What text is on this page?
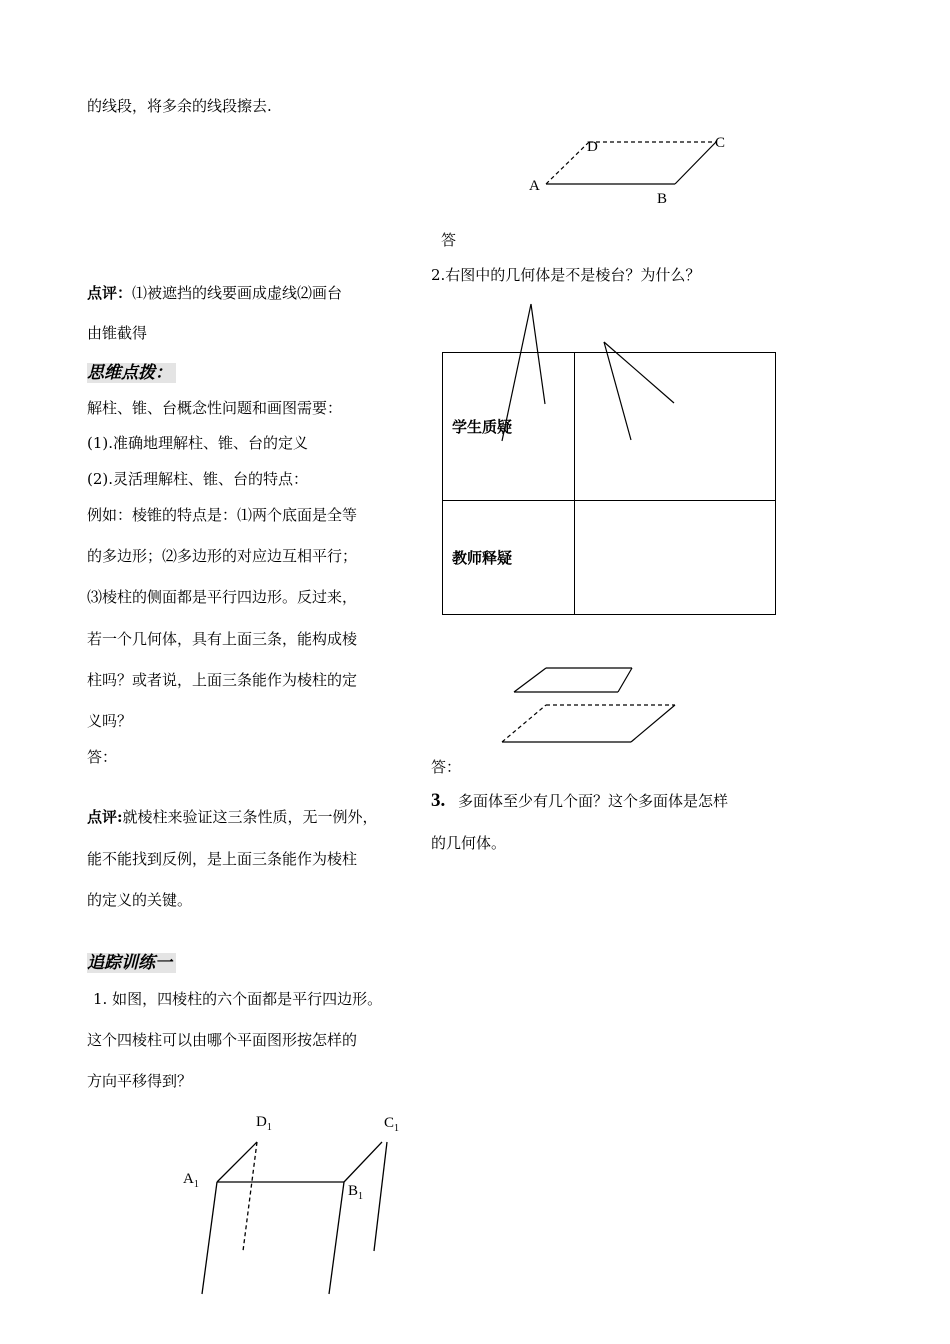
的线段，将多余的线段擦去.
点评：⑴被遮挡的线要画成虚线⑵画台
由锥截得
思维点拨：
解柱、锥、台概念性问题和画图需要：
(1).准确地理解柱、锥、台的定义
(2).灵活理解柱、锥、台的特点：
例如：棱锥的特点是：⑴两个底面是全等
的多边形；⑵多边形的对应边互相平行；
⑶棱柱的侧面都是平行四边形。反过来，
若一个几何体，具有上面三条，能构成棱
柱吗？或者说，上面三条能作为棱柱的定
义吗？
答：
点评:就棱柱来验证这三条性质，无一例外，
能不能找到反例，是上面三条能作为棱柱
的定义的关键。
追踪训练一
1. 如图，四棱柱的六个面都是平行四边形。
这个四棱柱可以由哪个平面图形按怎样的
方向平移得到？
$D_1$	$C_1$
$A_1$	$B_1$
D	C
A
B
答
2.右图中的几何体是不是棱台？为什么？
学生质疑	
教师释疑	
答：
3. 多面体至少有几个面？这个多面体是怎样
的几何体。
